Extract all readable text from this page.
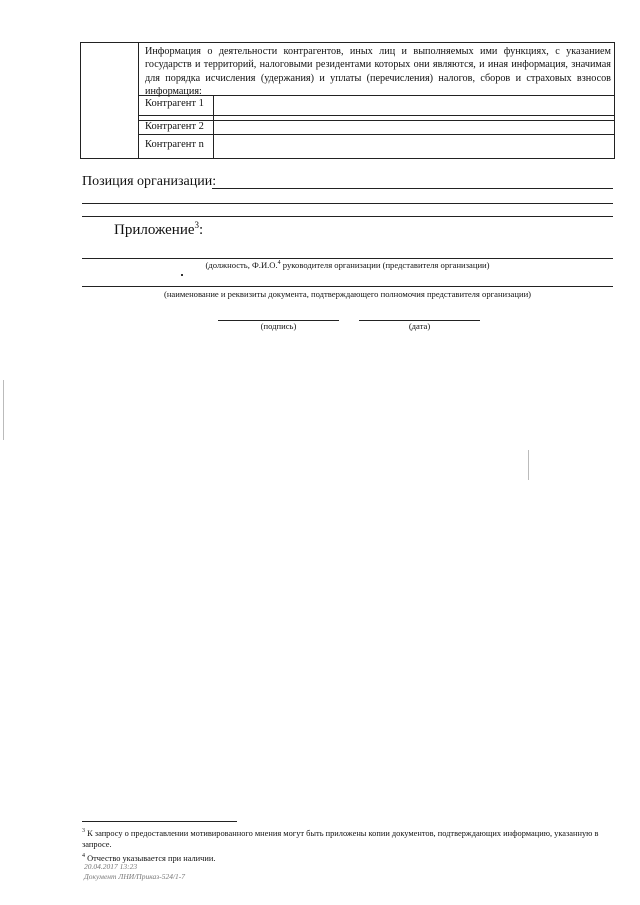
Информация о деятельности контрагентов, иных лиц и выполняемых ими функциях, с указанием государств и территорий, налоговыми резидентами которых они являются, и иная информация, значимая для порядка исчисления (удержания) и уплаты (перечисления) налогов, сборов и страховых взносов информация:
Контрагент 1
Контрагент 2
Контрагент n
Позиция организации:
Приложение$^3$:
(должность, Ф.И.О.$^4$ руководителя организации (представителя организации)
(наименование и реквизиты документа, подтверждающего полномочия представителя организации)
(подпись)	(дата)
$^3$ К запросу о предоставлении мотивированного мнения могут быть приложены копии документов, подтверждающих информацию, указанную в запросе.
$^4$ Отчество указывается при наличии.
20.04.2017 13:23
Документ ЛНИ/Приказ-524/1-7
